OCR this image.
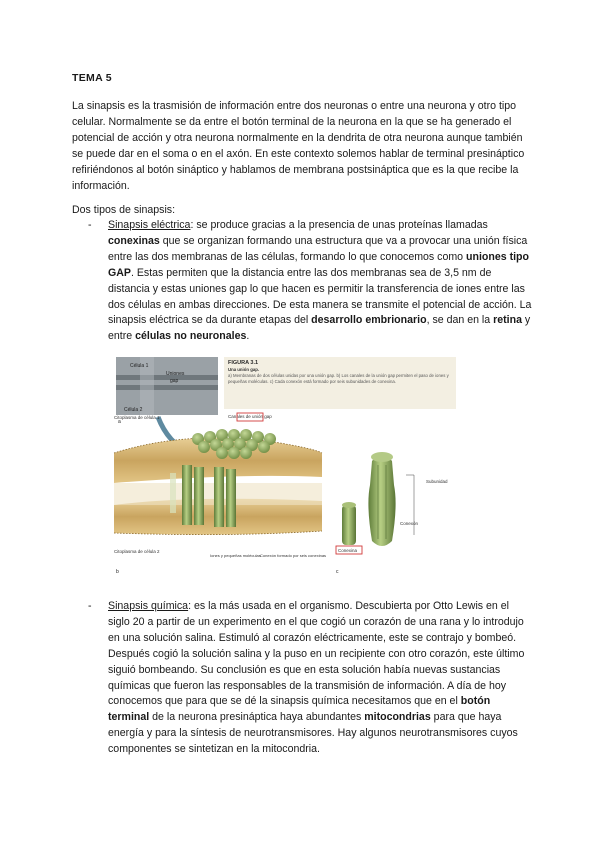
TEMA 5
La sinapsis es la trasmisión de información entre dos neuronas o entre una neurona y otro tipo celular. Normalmente se da entre el botón terminal de la neurona en la que se ha generado el potencial de acción y otra neurona normalmente en la dendrita de otra neurona aunque también se puede dar en el soma o en el axón. En este contexto solemos hablar de terminal presináptico refiriéndonos al botón sináptico y hablamos de membrana postsináptica que es la que recibe la información.
Dos tipos de sinapsis:
- Sinapsis eléctrica: se produce gracias a la presencia de unas proteínas llamadas conexinas que se organizan formando una estructura que va a provocar una unión física entre las dos membranas de las células, formando lo que conocemos como uniones tipo GAP. Estas permiten que la distancia entre las dos membranas sea de 3,5 nm de distancia y estas uniones gap lo que hacen es permitir la transferencia de iones entre las dos células en ambas direcciones. De esta manera se transmite el potencial de acción. La sinapsis eléctrica se da durante etapas del desarrollo embrionario, se dan en la retina y entre células no neuronales.
Célula 1
Uniones
gap
Célula 2
a
FIGURA 3.1
Una unión gap.
a) Membranas de dos células unidas por una unión gap. b) Los canales de la unión gap permiten el paso de iones y pequeñas moléculas. c) Cada conexón está formado por seis subunidades de conexina.
Citoplasma de célula 1	Canales de unión gap
Citoplasma de célula 2
b
Iones y pequeñas moléculas Conexón formado por seis conexinas
Conexina
Conexón
Subunidad
c
- Sinapsis química: es la más usada en el organismo. Descubierta por Otto Lewis en el siglo 20 a partir de un experimento en el que cogió un corazón de una rana y lo introdujo en una solución salina. Estimuló al corazón eléctricamente, este se contrajo y bombeó. Después cogió la solución salina y la puso en un recipiente con otro corazón, este último siguió bombeando. Su conclusión es que en esta solución había nuevas sustancias químicas que fueron las responsables de la transmisión de información. A día de hoy conocemos que para que se dé la sinapsis química necesitamos que en el botón terminal de la neurona presináptica haya abundantes mitocondrias para que haya energía y para la síntesis de neurotransmisores. Hay algunos neurotransmisores cuyos componentes se sintetizan en la mitocondria.
